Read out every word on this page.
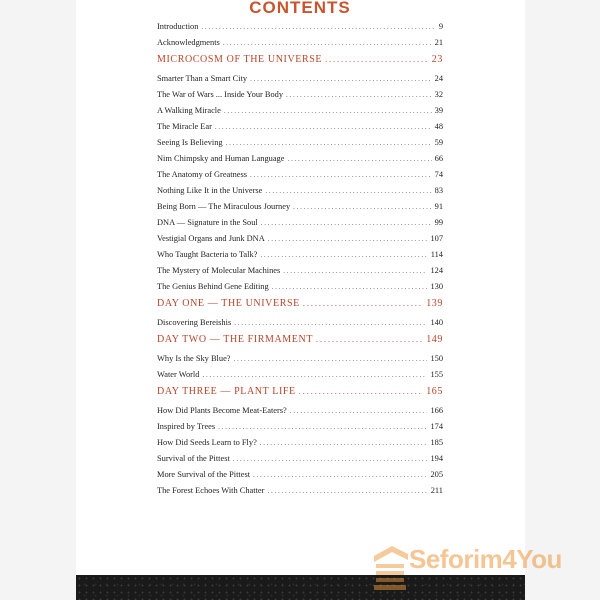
CONTENTS
Introduction . . .	9
Acknowledgments . . .	21
MICROCOSM OF THE UNIVERSE . . .	23
Smarter Than a Smart City . . .	24
The War of Wars ... Inside Your Body . . .	32
A Walking Miracle . . .	39
The Miracle Ear . . .	48
Seeing Is Believing . . .	59
Nim Chimpsky and Human Language . . .	66
The Anatomy of Greatness . . .	74
Nothing Like It in the Universe . . .	83
Being Born — The Miraculous Journey . . .	91
DNA — Signature in the Soul . . .	99
Vestigial Organs and Junk DNA . . .	107
Who Taught Bacteria to Talk? . . .	114
The Mystery of Molecular Machines . . .	124
The Genius Behind Gene Editing . . .	130
DAY ONE — THE UNIVERSE . . .	139
Discovering Bereishis . . .	140
DAY TWO — THE FIRMAMENT . . .	149
Why Is the Sky Blue? . . .	150
Water World . . .	155
DAY THREE — PLANT LIFE . . .	165
How Did Plants Become Meat-Eaters? . . .	166
Inspired by Trees . . .	174
How Did Seeds Learn to Fly? . . .	185
Survival of the Pittest . . .	194
More Survival of the Pittest . . .	205
The Forest Echoes With Chatter . . .	211
Seforim4You
